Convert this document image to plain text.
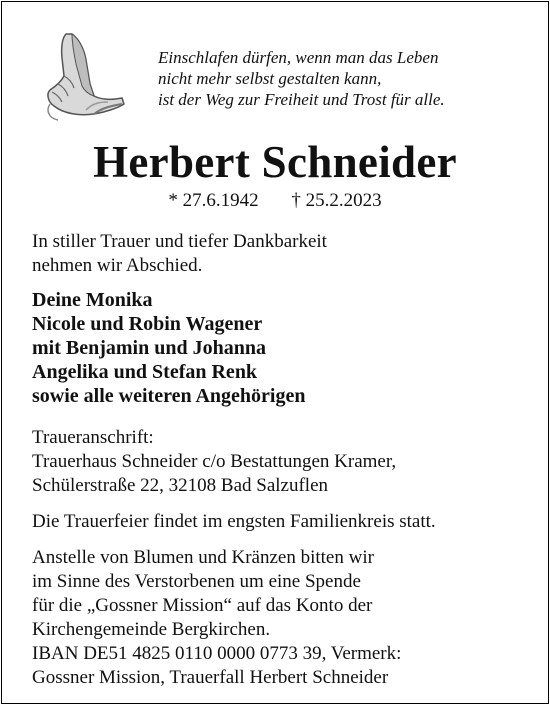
Einschlafen dürfen, wenn man das Leben
nicht mehr selbst gestalten kann,
ist der Weg zur Freiheit und Trost für alle.
Herbert Schneider
* 27.6.1942 † 25.2.2023
In stiller Trauer und tiefer Dankbarkeit
nehmen wir Abschied.
Deine Monika
Nicole und Robin Wagener
mit Benjamin und Johanna
Angelika und Stefan Renk
sowie alle weiteren Angehörigen
Traueranschrift:
Trauerhaus Schneider c/o Bestattungen Kramer,
Schülerstraße 22, 32108 Bad Salzuflen
Die Trauerfeier findet im engsten Familienkreis statt.
Anstelle von Blumen und Kränzen bitten wir
im Sinne des Verstorbenen um eine Spende
für die „Gossner Mission“ auf das Konto der
Kirchengemeinde Bergkirchen.
IBAN DE51 4825 0110 0000 0773 39, Vermerk:
Gossner Mission, Trauerfall Herbert Schneider
